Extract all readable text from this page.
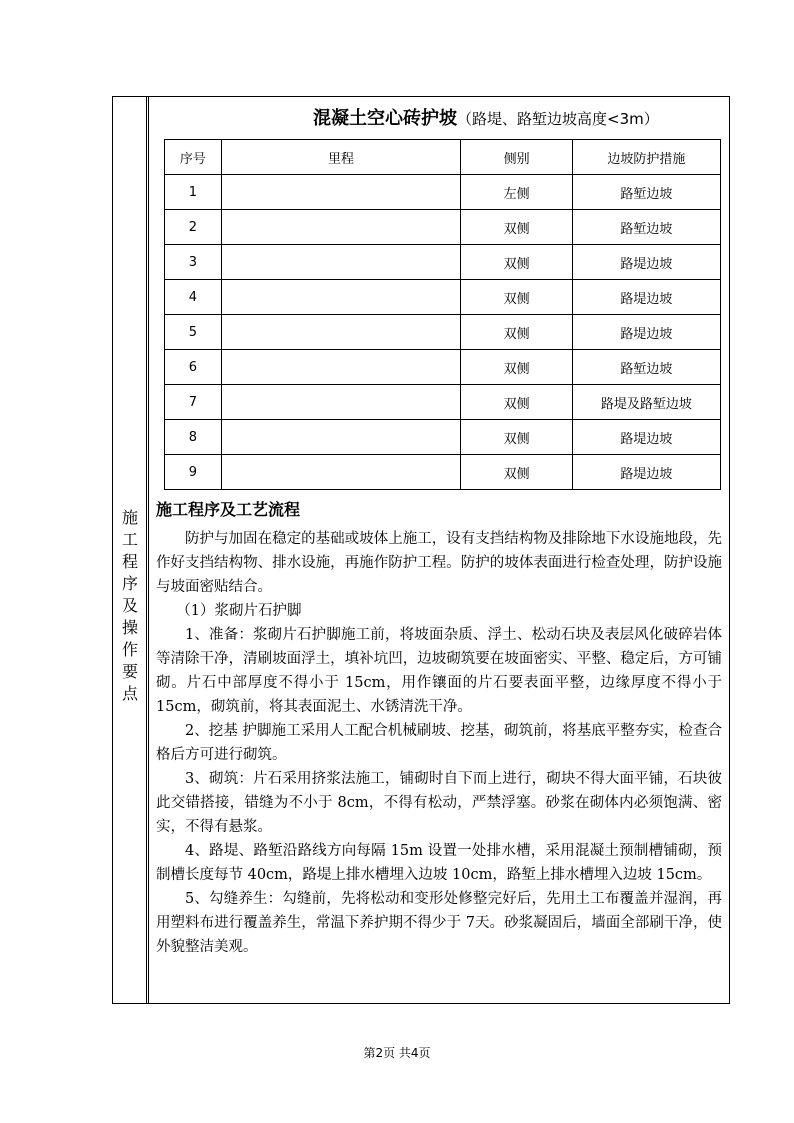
施
工
程
序
及
操
作
要
点
混凝土空心砖护坡（路堤、路堑边坡高度<3m）
序号	里程	侧别	边坡防护措施
1		左侧	路堑边坡
2		双侧	路堑边坡
3		双侧	路堤边坡
4		双侧	路堤边坡
5		双侧	路堤边坡
6		双侧	路堑边坡
7		双侧	路堤及路堑边坡
8		双侧	路堤边坡
9		双侧	路堤边坡
施工程序及工艺流程

防护与加固在稳定的基础或坡体上施工，设有支挡结构物及排除地下水设施地段，先作好支挡结构物、排水设施，再施作防护工程。防护的坡体表面进行检查处理，防护设施与坡面密贴结合。

（1）浆砌片石护脚

1、准备：浆砌片石护脚施工前，将坡面杂质、浮土、松动石块及表层风化破碎岩体等清除干净，清刷坡面浮土，填补坑凹，边坡砌筑要在坡面密实、平整、稳定后，方可铺砌。片石中部厚度不得小于 15cm，用作镶面的片石要表面平整，边缘厚度不得小于 15cm，砌筑前，将其表面泥土、水锈清洗干净。

2、挖基 护脚施工采用人工配合机械刷坡、挖基，砌筑前，将基底平整夯实，检查合格后方可进行砌筑。

3、砌筑：片石采用挤浆法施工，铺砌时自下而上进行，砌块不得大面平铺，石块彼此交错搭接，错缝为不小于 8cm，不得有松动，严禁浮塞。砂浆在砌体内必须饱满、密实，不得有悬浆。

4、路堤、路堑沿路线方向每隔 15m 设置一处排水槽，采用混凝土预制槽铺砌，预制槽长度每节 40cm，路堤上排水槽埋入边坡 10cm，路堑上排水槽埋入边坡 15cm。

5、勾缝养生：勾缝前，先将松动和变形处修整完好后，先用土工布覆盖并湿润，再用塑料布进行覆盖养生，常温下养护期不得少于 7天。砂浆凝固后，墙面全部刷干净，使外貌整洁美观。

第2页 共4页
